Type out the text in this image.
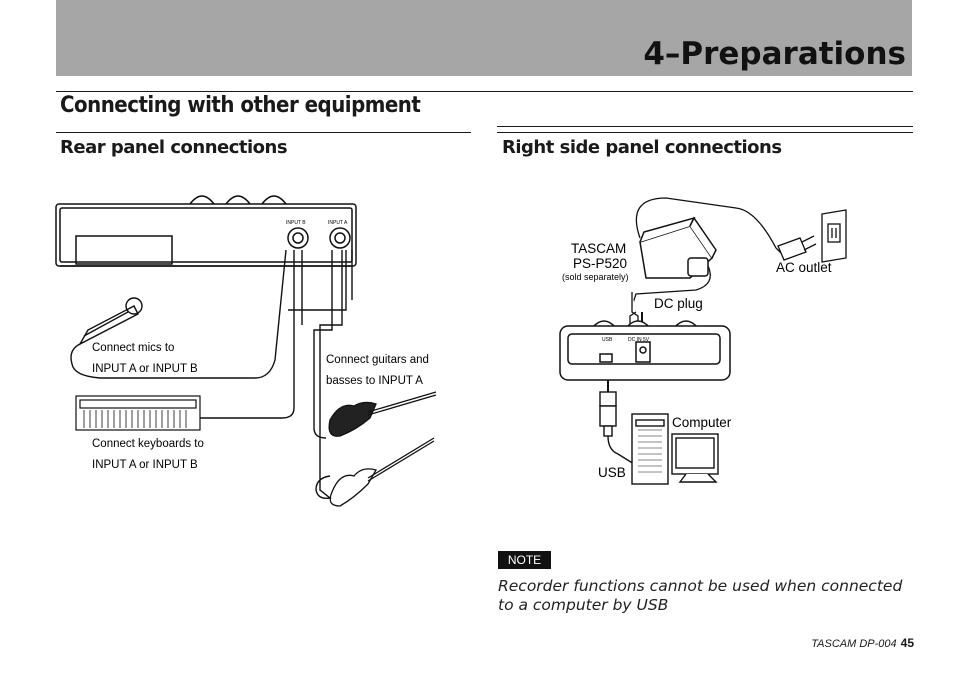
4–Preparations
Connecting with other equipment
Rear panel connections	Right side panel connections
INPUT B	INPUT A
Connect mics to
INPUT A or INPUT B
Connect keyboards to
INPUT A or INPUT B
Connect guitars and
basses to INPUT A
TASCAM
PS-P520
(sold separately)
AC outlet
DC plug
USB	DC IN 5V
Computer
USB
NOTE
Recorder functions cannot be used when connected to a computer by USB
TASCAM DP-004 45
